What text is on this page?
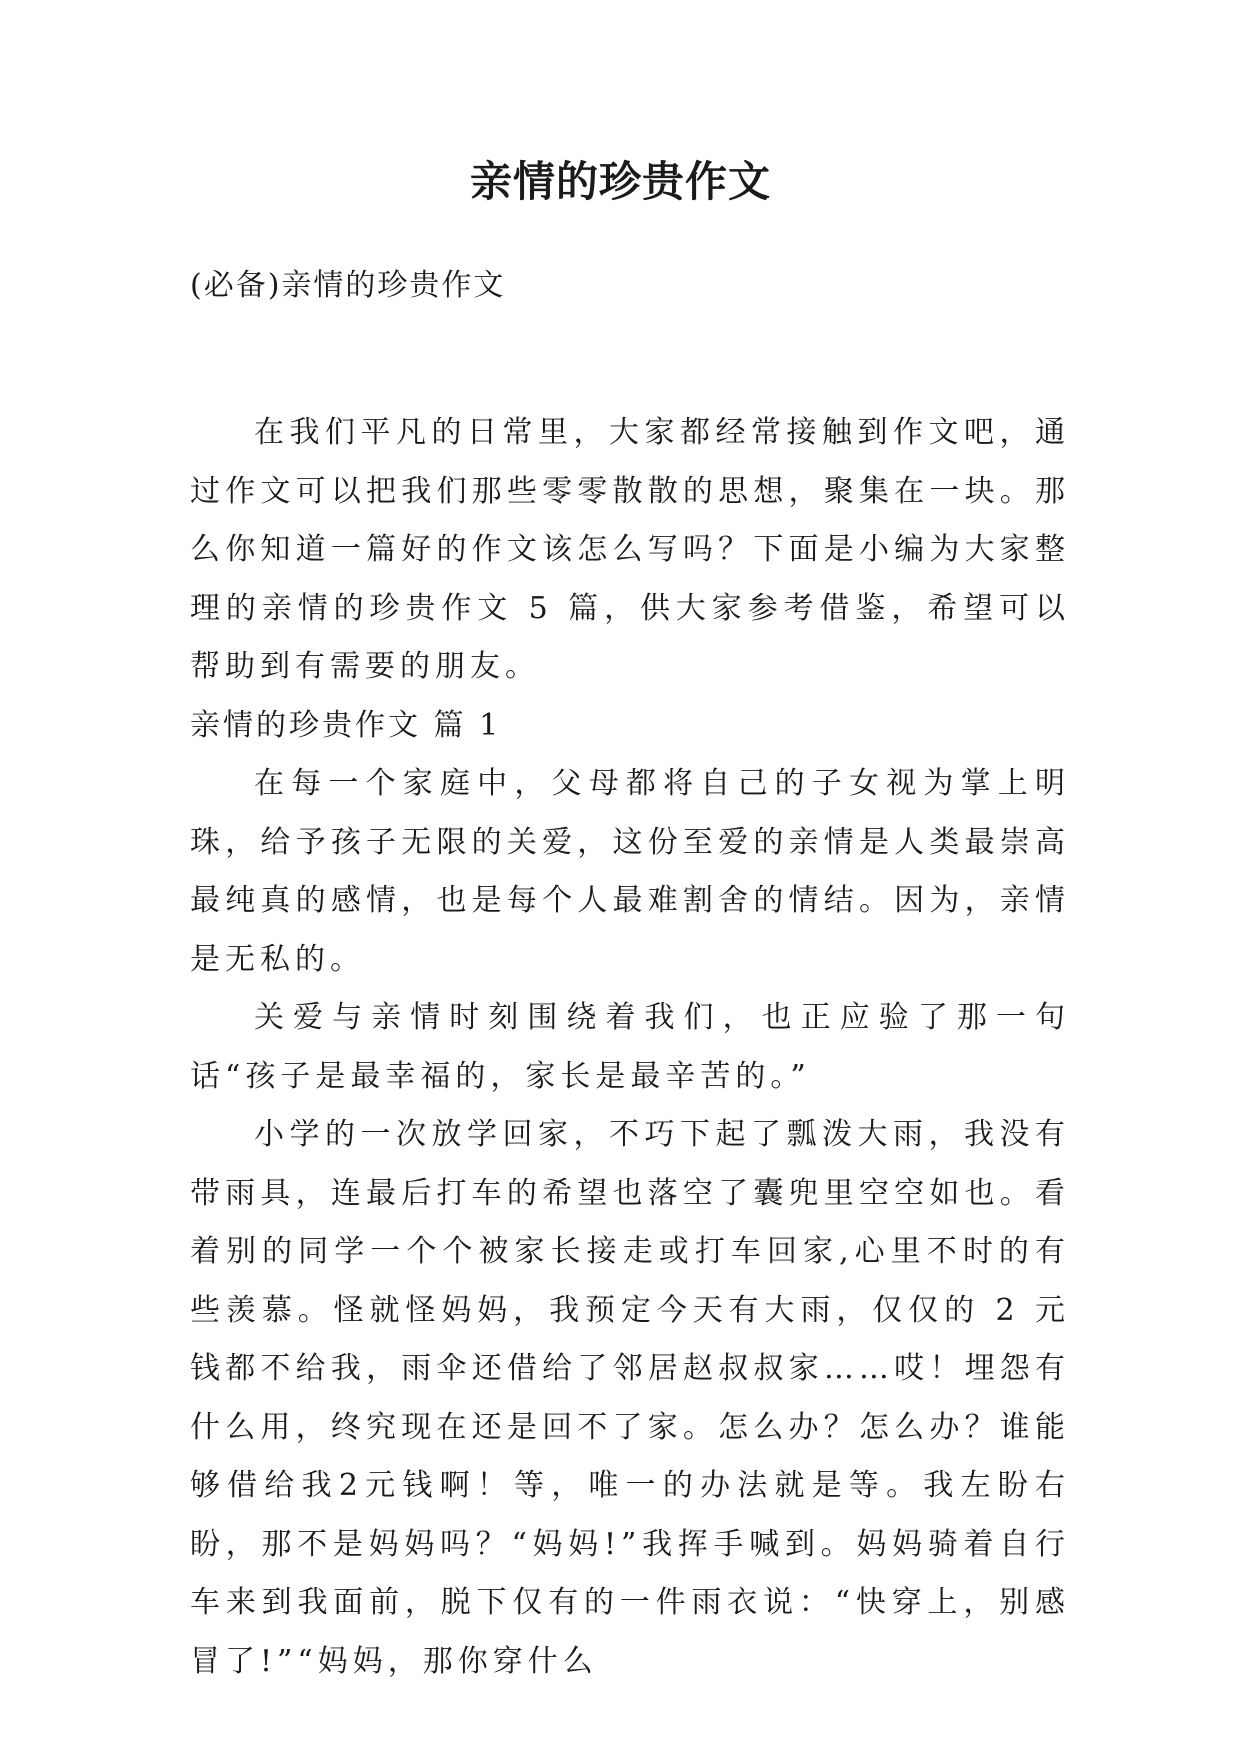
亲情的珍贵作文

(必备)亲情的珍贵作文

在我们平凡的日常里，大家都经常接触到作文吧，通过作文可以把我们那些零零散散的思想，聚集在一块。那么你知道一篇好的作文该怎么写吗？下面是小编为大家整理的亲情的珍贵作文 5 篇，供大家参考借鉴，希望可以帮助到有需要的朋友。

亲情的珍贵作文 篇 1

在每一个家庭中，父母都将自己的子女视为掌上明珠，给予孩子无限的关爱，这份至爱的亲情是人类最崇高最纯真的感情，也是每个人最难割舍的情结。因为，亲情是无私的。

关爱与亲情时刻围绕着我们，也正应验了那一句话“孩子是最幸福的，家长是最辛苦的。”

小学的一次放学回家，不巧下起了瓢泼大雨，我没有带雨具，连最后打车的希望也落空了囊兜里空空如也。看着别的同学一个个被家长接走或打车回家,心里不时的有些羡慕。怪就怪妈妈，我预定今天有大雨，仅仅的 2 元钱都不给我，雨伞还借给了邻居赵叔叔家……哎！埋怨有什么用，终究现在还是回不了家。怎么办？怎么办？谁能够借给我2元钱啊！等，唯一的办法就是等。我左盼右盼，那不是妈妈吗？“妈妈!”我挥手喊到。妈妈骑着自行车来到我面前，脱下仅有的一件雨衣说：“快穿上，别感冒了!”“妈妈，那你穿什么
